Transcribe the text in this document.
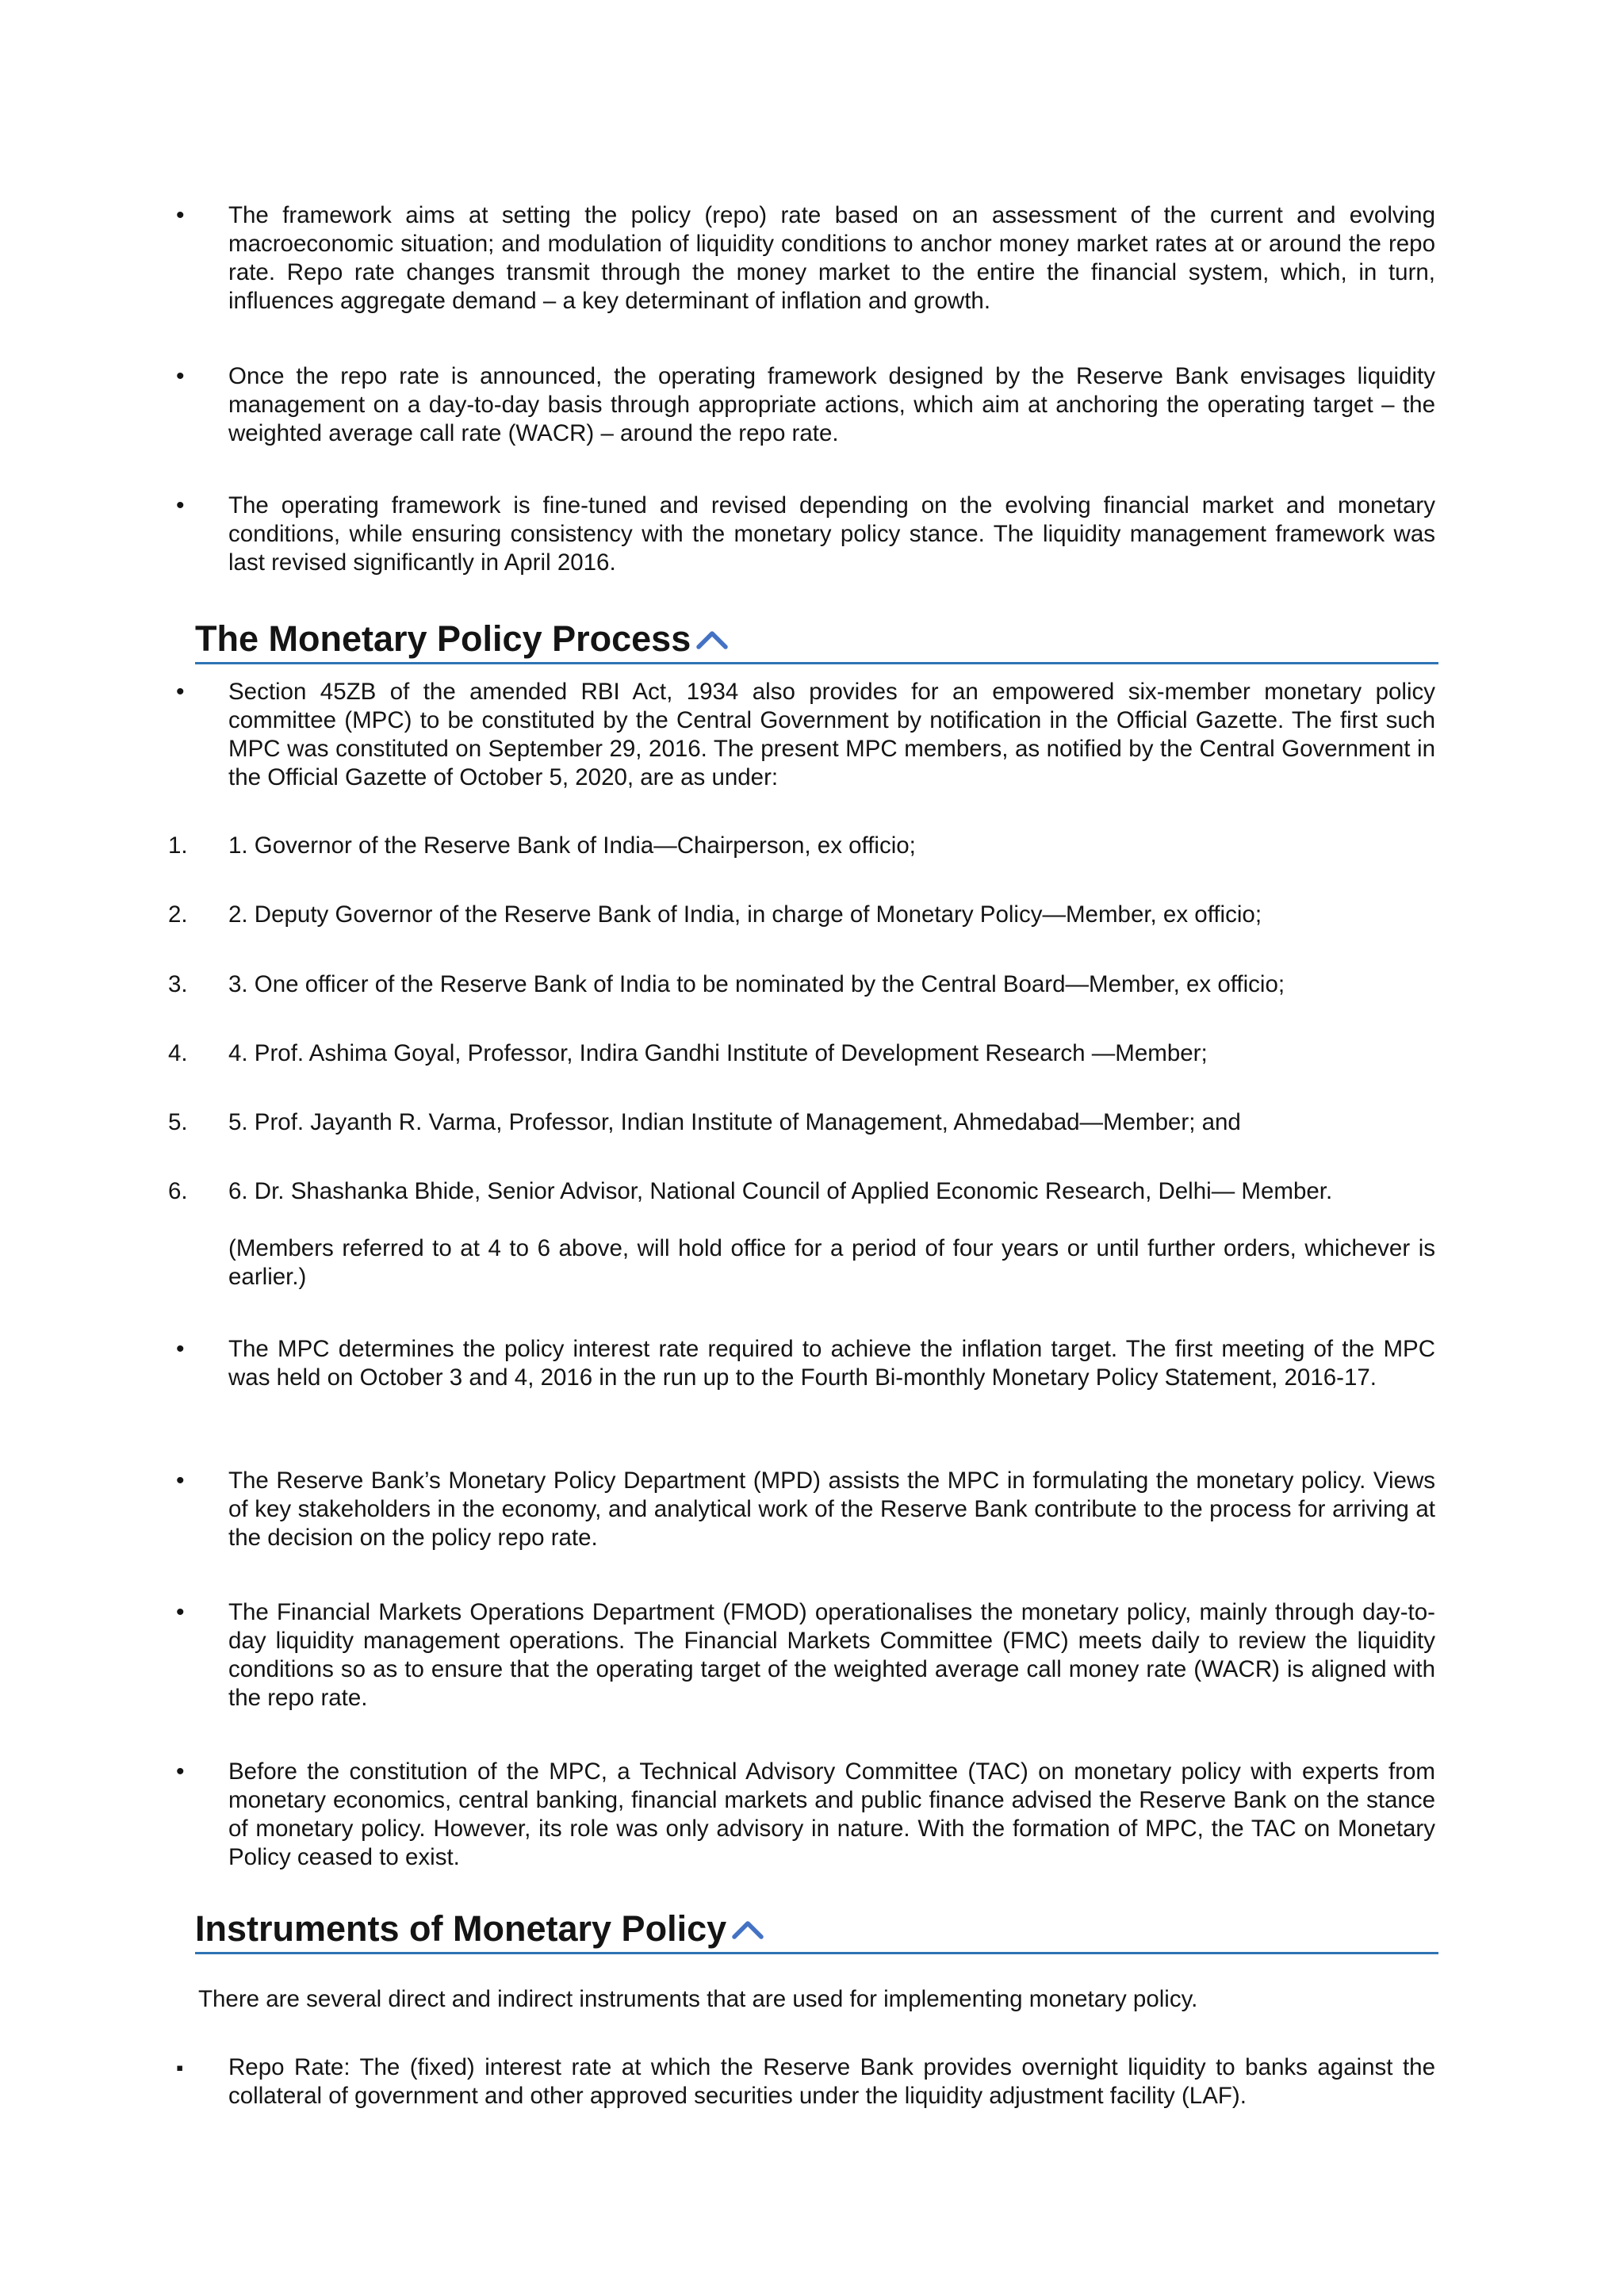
•
The framework aims at setting the policy (repo) rate based on an assessment of the current and evolving macroeconomic situation; and modulation of liquidity conditions to anchor money market rates at or around the repo rate. Repo rate changes transmit through the money market to the entire the financial system, which, in turn, influences aggregate demand – a key determinant of inflation and growth.
•
Once the repo rate is announced, the operating framework designed by the Reserve Bank envisages liquidity management on a day-to-day basis through appropriate actions, which aim at anchoring the operating target – the weighted average call rate (WACR) – around the repo rate.
•
The operating framework is fine-tuned and revised depending on the evolving financial market and monetary conditions, while ensuring consistency with the monetary policy stance. The liquidity management framework was last revised significantly in April 2016.
The Monetary Policy Process
•
Section 45ZB of the amended RBI Act, 1934 also provides for an empowered six-member monetary policy committee (MPC) to be constituted by the Central Government by notification in the Official Gazette. The first such MPC was constituted on September 29, 2016. The present MPC members, as notified by the Central Government in the Official Gazette of October 5, 2020, are as under:
1.	1. Governor of the Reserve Bank of India—Chairperson, ex officio;
2.	2. Deputy Governor of the Reserve Bank of India, in charge of Monetary Policy—Member, ex officio;
3.	3. One officer of the Reserve Bank of India to be nominated by the Central Board—Member, ex officio;
4.	4. Prof. Ashima Goyal, Professor, Indira Gandhi Institute of Development Research —Member;
5.	5. Prof. Jayanth R. Varma, Professor, Indian Institute of Management, Ahmedabad—Member; and
6.	6. Dr. Shashanka Bhide, Senior Advisor, National Council of Applied Economic Research, Delhi— Member.
(Members referred to at 4 to 6 above, will hold office for a period of four years or until further orders, whichever is earlier.)
•
The MPC determines the policy interest rate required to achieve the inflation target. The first meeting of the MPC was held on October 3 and 4, 2016 in the run up to the Fourth Bi-monthly Monetary Policy Statement, 2016-17.
•
The Reserve Bank’s Monetary Policy Department (MPD) assists the MPC in formulating the monetary policy. Views of key stakeholders in the economy, and analytical work of the Reserve Bank contribute to the process for arriving at the decision on the policy repo rate.
•
The Financial Markets Operations Department (FMOD) operationalises the monetary policy, mainly through day-to-day liquidity management operations. The Financial Markets Committee (FMC) meets daily to review the liquidity conditions so as to ensure that the operating target of the weighted average call money rate (WACR) is aligned with the repo rate.
•
Before the constitution of the MPC, a Technical Advisory Committee (TAC) on monetary policy with experts from monetary economics, central banking, financial markets and public finance advised the Reserve Bank on the stance of monetary policy. However, its role was only advisory in nature. With the formation of MPC, the TAC on Monetary Policy ceased to exist.
Instruments of Monetary Policy
There are several direct and indirect instruments that are used for implementing monetary policy.
▪
Repo Rate: The (fixed) interest rate at which the Reserve Bank provides overnight liquidity to banks against the collateral of government and other approved securities under the liquidity adjustment facility (LAF).
